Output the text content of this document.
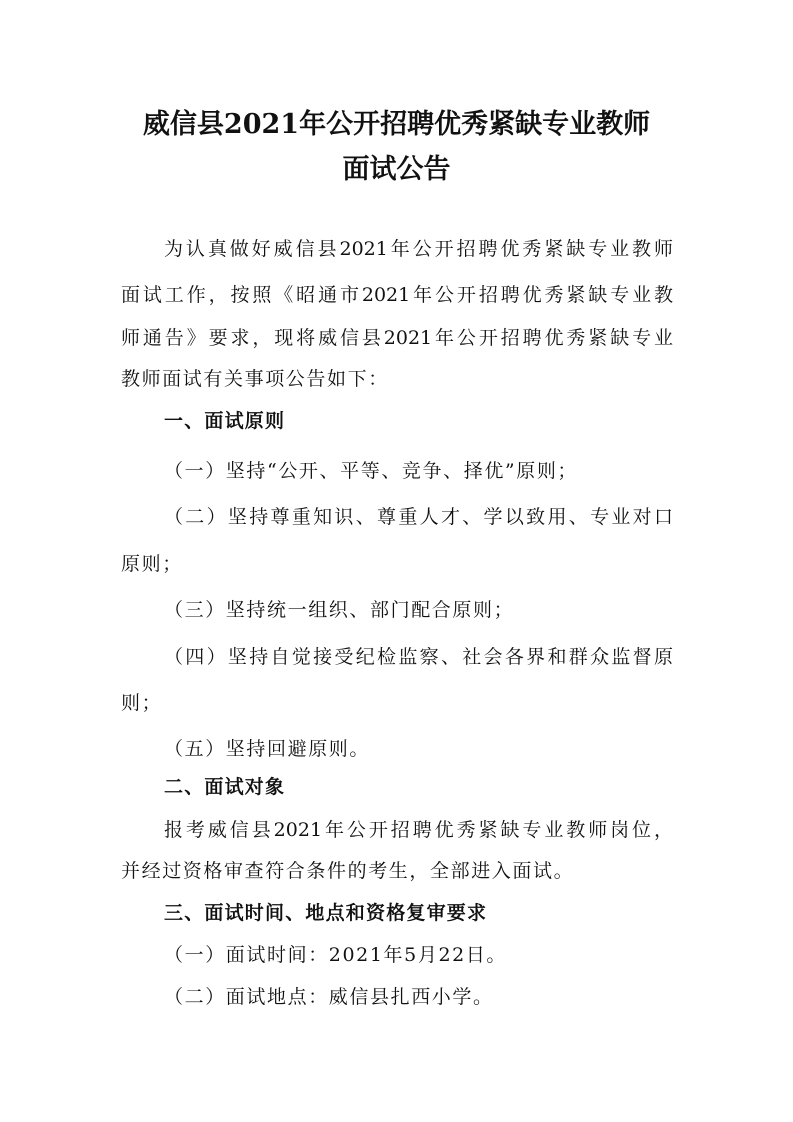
威信县2021年公开招聘优秀紧缺专业教师
面试公告
为认真做好威信县2021年公开招聘优秀紧缺专业教师
面试工作，按照《昭通市2021年公开招聘优秀紧缺专业教
师通告》要求，现将威信县2021年公开招聘优秀紧缺专业
教师面试有关事项公告如下：
一、面试原则
（一）坚持“公开、平等、竞争、择优”原则；
（二）坚持尊重知识、尊重人才、学以致用、专业对口
原则；
（三）坚持统一组织、部门配合原则；
（四）坚持自觉接受纪检监察、社会各界和群众监督原
则；
（五）坚持回避原则。
二、面试对象
报考威信县2021年公开招聘优秀紧缺专业教师岗位，
并经过资格审查符合条件的考生，全部进入面试。
三、面试时间、地点和资格复审要求
（一）面试时间：2021年5月22日。
（二）面试地点：威信县扎西小学。
